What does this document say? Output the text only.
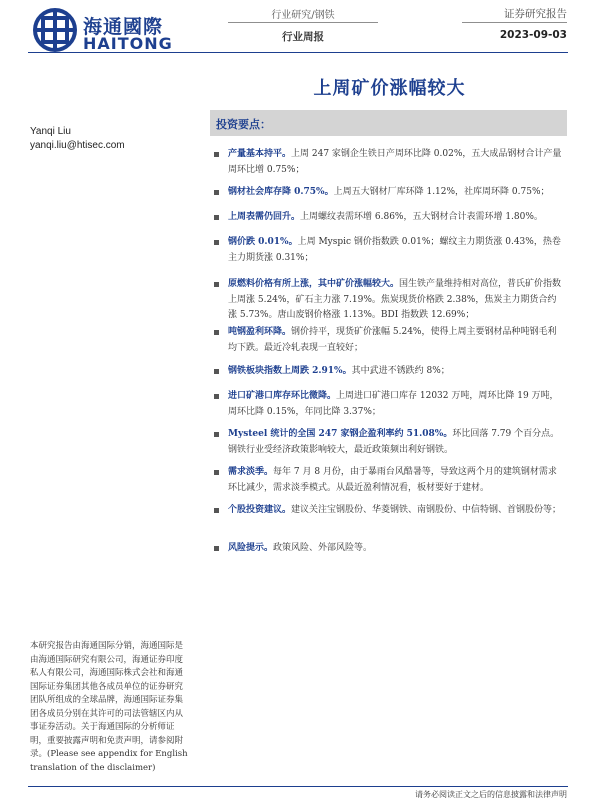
海通國際
HAITONG
行业研究/钢铁
行业周报
证券研究报告
2023-09-03
上周矿价涨幅较大
Yanqi Liu
yanqi.liu@htisec.com
投资要点：
产量基本持平。上周 247 家钢企生铁日产周环比降 0.02%，五大成品钢材合计产量周环比增 0.75%；
钢材社会库存降 0.75%。上周五大钢材厂库环降 1.12%，社库周环降 0.75%；
上周表需仍回升。上周螺纹表需环增 6.86%，五大钢材合计表需环增 1.80%。
钢价跌 0.01%。上周 Myspic 钢价指数跌 0.01%；螺纹主力期货涨 0.43%，热卷主力期货涨 0.31%；
原燃料价格有所上涨，其中矿价涨幅较大。国生铁产量维持相对高位，普氏矿价指数上周涨 5.24%，矿石主力涨 7.19%。焦炭现货价格跌 2.38%，焦炭主力期货合约涨 5.73%。唐山废钢价格涨 1.13%。BDI 指数跌 12.69%；
吨钢盈利环降。钢价持平，现货矿价涨幅 5.24%，使得上周主要钢材品种吨钢毛利均下跌。最近冷轧表现一直较好；
钢铁板块指数上周跌 2.91%。其中武进不锈跌约 8%；
进口矿港口库存环比微降。上周进口矿港口库存 12032 万吨，周环比降 19 万吨，周环比降 0.15%，年同比降 3.37%；
Mysteel 统计的全国 247 家钢企盈利率约 51.08%。环比回落 7.79 个百分点。钢铁行业受经济政策影响较大，最近政策频出利好钢铁。
需求淡季。每年 7 月 8 月份，由于暴雨台风酷暑等，导致这两个月的建筑钢材需求环比减少，需求淡季模式。从最近盈利情况看，板材要好于建材。
个股投资建议。建议关注宝钢股份、华菱钢铁、南钢股份、中信特钢、首钢股份等；
风险提示。政策风险、外部风险等。
本研究报告由海通国际分销，海通国际是由海通国际研究有限公司，海通证券印度私人有限公司，海通国际株式会社和海通国际证券集团其他各成员单位的证券研究团队所组成的全球品牌，海通国际证券集团各成员分别在其许可的司法管辖区内从事证券活动。关于海通国际的分析师证明，重要披露声明和免责声明，请参阅附录。(Please see appendix for English translation of the disclaimer)
请务必阅读正文之后的信息披露和法律声明
